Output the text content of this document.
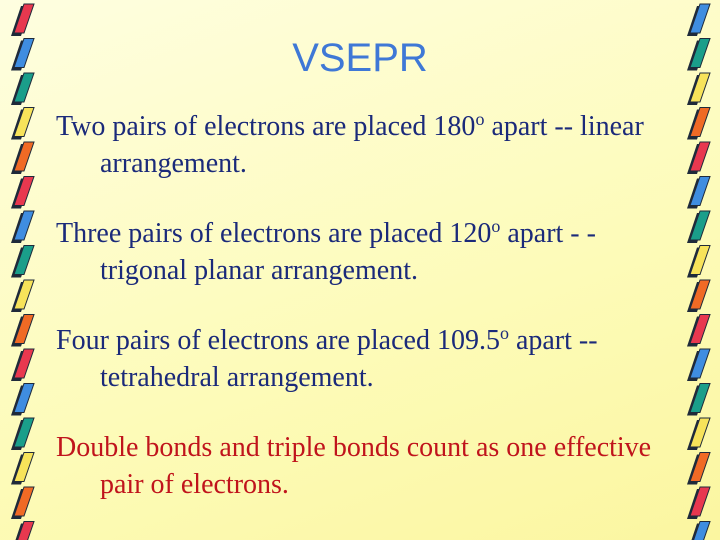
VSEPR
Two pairs of electrons are placed 180$^o$ apart -- linear arrangement.
Three pairs of electrons are placed 120$^o$ apart - - trigonal planar arrangement.
Four pairs of electrons are placed 109.5$^o$ apart -- tetrahedral arrangement.
Double bonds and triple bonds count as one effective pair of electrons.
